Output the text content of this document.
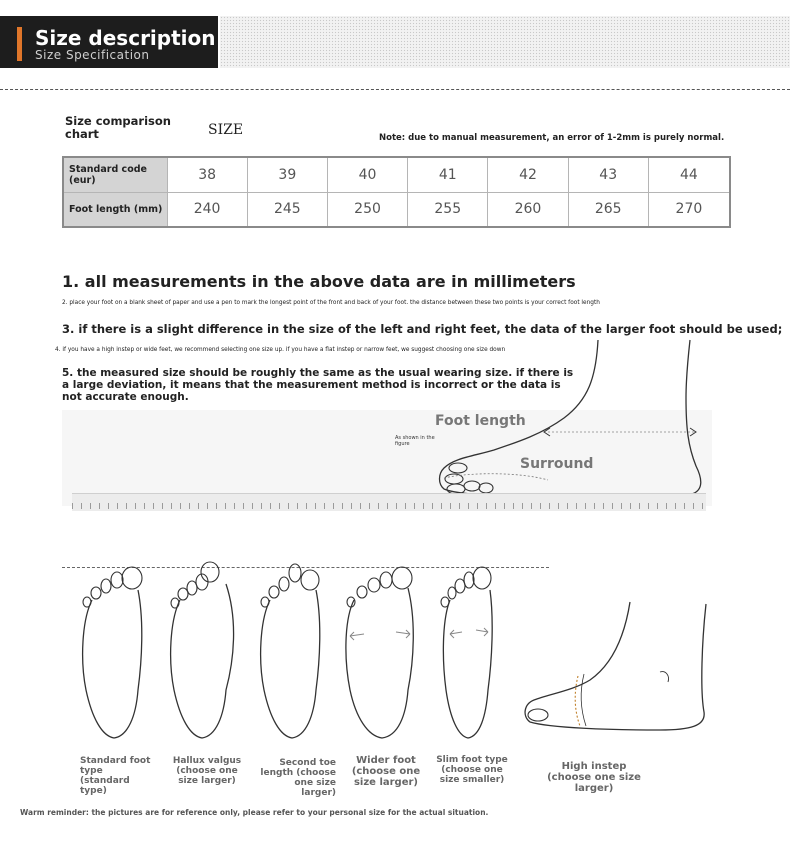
Size description
Size Specification
Size comparison chart	SIZE	Note: due to manual measurement, an error of 1-2mm is purely normal.
Standard code (eur)	38	39	40	41	42	43	44
Foot length (mm)	240	245	250	255	260	265	270
1. all measurements in the above data are in millimeters
2. place your foot on a blank sheet of paper and use a pen to mark the longest point of the front and back of your foot. the distance between these two points is your correct foot length
3. if there is a slight difference in the size of the left and right feet, the data of the larger foot should be used;
4. if you have a high instep or wide feet, we recommend selecting one size up. if you have a flat instep or narrow feet, we suggest choosing one size down
5. the measured size should be roughly the same as the usual wearing size. if there is a large deviation, it means that the measurement method is incorrect or the data is not accurate enough.
Foot length
Surround
As shown in the figure
Standard foot type (standard type)
Hallux valgus (choose one size larger)
Second toe length (choose one size larger)
Wider foot (choose one size larger)
Slim foot type (choose one size smaller)
High instep (choose one size larger)
Warm reminder: the pictures are for reference only, please refer to your personal size for the actual situation.
